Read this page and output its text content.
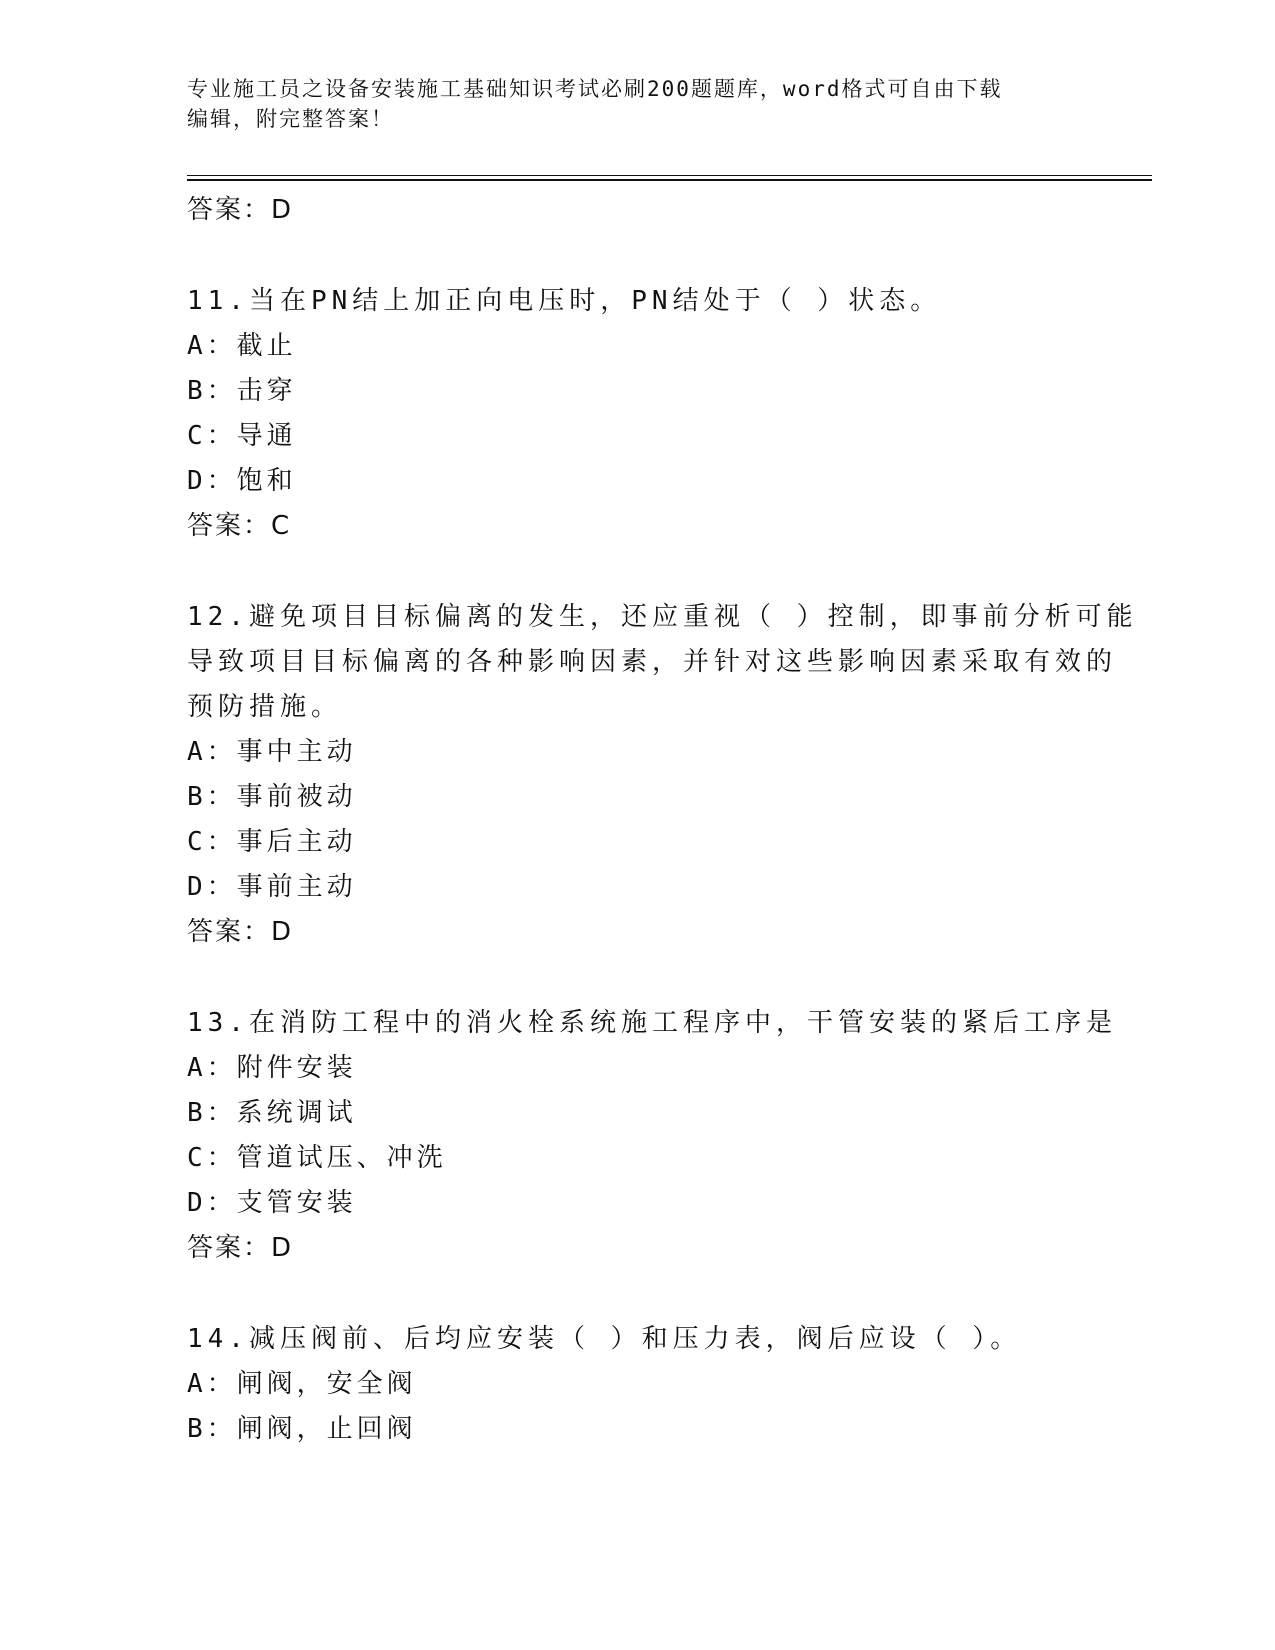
专业施工员之设备安装施工基础知识考试必刷200题题库，word格式可自由下载
编辑，附完整答案！
答案：D
11.当在PN结上加正向电压时，PN结处于（ ）状态。
A：截止
B：击穿
C：导通
D：饱和
答案：C
12.避免项目目标偏离的发生，还应重视（ ）控制，即事前分析可能
导致项目目标偏离的各种影响因素，并针对这些影响因素采取有效的
预防措施。
A：事中主动
B：事前被动
C：事后主动
D：事前主动
答案：D
13.在消防工程中的消火栓系统施工程序中，干管安装的紧后工序是
A：附件安装
B：系统调试
C：管道试压、冲洗
D：支管安装
答案：D
14.减压阀前、后均应安装（ ）和压力表，阀后应设（ ）。
A：闸阀，安全阀
B：闸阀，止回阀
